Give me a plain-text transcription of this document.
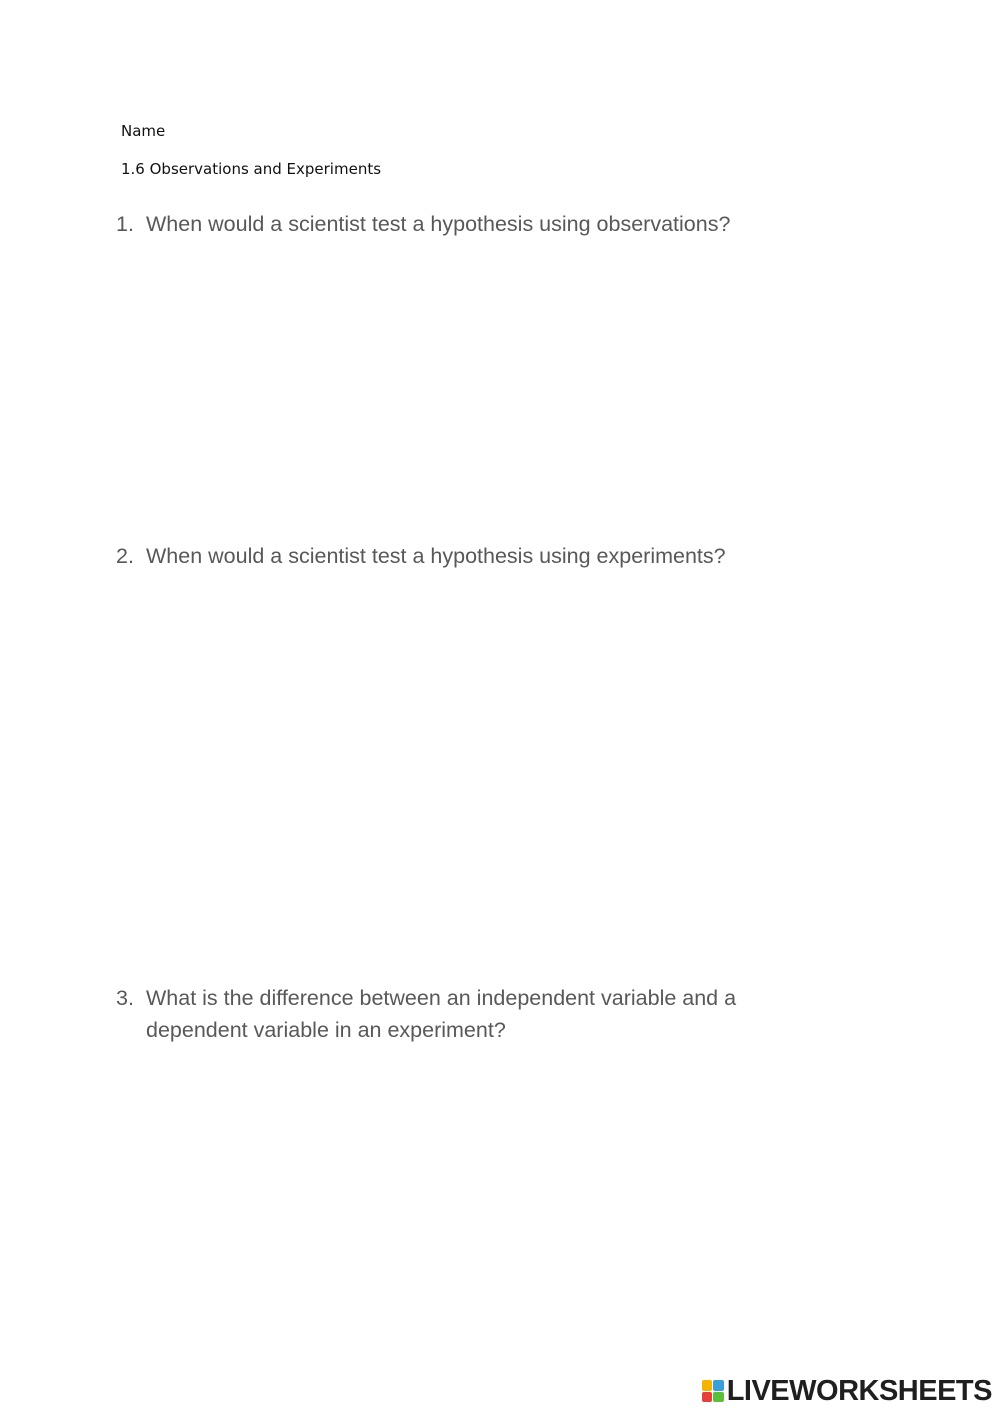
Name
1.6 Observations and Experiments
1. When would a scientist test a hypothesis using observations?
2. When would a scientist test a hypothesis using experiments?
3. What is the difference between an independent variable and a dependent variable in an experiment?
LIVEWORKSHEETS
